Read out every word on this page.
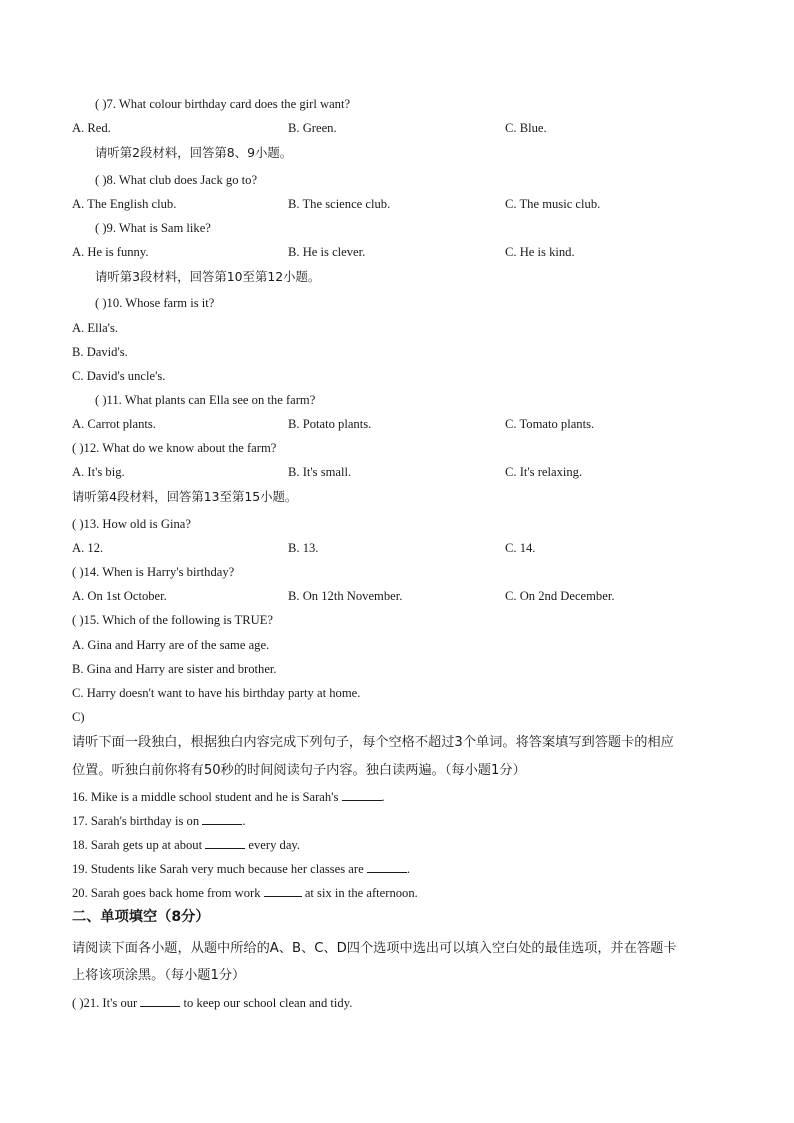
( )7. What colour birthday card does the girl want?
A. Red.	B. Green.	C. Blue.
请听第2段材料，回答第8、9小题。
( )8. What club does Jack go to?
A. The English club.	B. The science club.	C. The music club.
( )9. What is Sam like?
A. He is funny.	B. He is clever.	C. He is kind.
请听第3段材料，回答第10至第12小题。
( )10. Whose farm is it?
A. Ella's.
B. David's.
C. David's uncle's.
( )11. What plants can Ella see on the farm?
A. Carrot plants.	B. Potato plants.	C. Tomato plants.
( )12. What do we know about the farm?
A. It's big.	B. It's small.	C. It's relaxing.
请听第4段材料，回答第13至第15小题。
( )13. How old is Gina?
A. 12.	B. 13.	C. 14.
( )14. When is Harry's birthday?
A. On 1st October.	B. On 12th November.	C. On 2nd December.
( )15. Which of the following is TRUE?
A. Gina and Harry are of the same age.
B. Gina and Harry are sister and brother.
C. Harry doesn't want to have his birthday party at home.
C)
请听下面一段独白，根据独白内容完成下列句子，每个空格不超过3个单词。将答案填写到答题卡的相应
位置。听独白前你将有50秒的时间阅读句子内容。独白读两遍。（每小题1分）
16. Mike is a middle school student and he is Sarah's	.
17. Sarah's birthday is on	.
18. Sarah gets up at about	every day.
19. Students like Sarah very much because her classes are	.
20. Sarah goes back home from work	at six in the afternoon.
二、单项填空（8分）
请阅读下面各小题，从题中所给的A、B、C、D四个选项中选出可以填入空白处的最佳选项，并在答题卡
上将该项涂黑。（每小题1分）
( )21. It's our	to keep our school clean and tidy.
